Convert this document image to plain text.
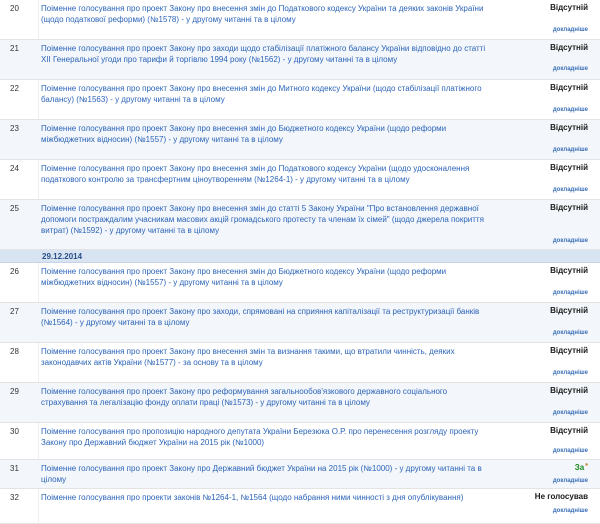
20	Поіменне голосування про проект Закону про внесення змін до Податкового кодексу України та деяких законів України (щодо податкової реформи) (№1578) - у другому читанні та в цілому
Відсутній
докладніше
21	Поіменне голосування про проект Закону про заходи щодо стабілізації платіжного балансу України відповідно до статті XII Генеральної угоди про тарифи й торгівлю 1994 року (№1562) - у другому читанні та в цілому
Відсутній
докладніше
22	Поіменне голосування про проект Закону про внесення змін до Митного кодексу України (щодо стабілізації платіжного балансу) (№1563) - у другому читанні та в цілому
Відсутній
докладніше
23	Поіменне голосування про проект Закону про внесення змін до Бюджетного кодексу України (щодо реформи міжбюджетних відносин) (№1557) - у другому читанні та в цілому
Відсутній
докладніше
24	Поіменне голосування про проект Закону про внесення змін до Податкового кодексу України (щодо удосконалення податкового контролю за трансфертним ціноутворенням (№1264-1) - у другому читанні та в цілому
Відсутній
докладніше
25	Поіменне голосування про проект Закону про внесення змін до статті 5 Закону України "Про встановлення державної допомоги постраждалим учасникам масових акцій громадського протесту та членам їх сімей" (щодо джерела покриття витрат) (№1592) - у другому читанні та в цілому
Відсутній
докладніше
29.12.2014
26	Поіменне голосування про проект Закону про внесення змін до Бюджетного кодексу України (щодо реформи міжбюджетних відносин) (№1557) - у другому читанні та в цілому
Відсутній
докладніше
27	Поіменне голосування про проект Закону про заходи, спрямовані на сприяння капіталізації та реструктуризації банків (№1564) - у другому читанні та в цілому
Відсутній
докладніше
28	Поіменне голосування про проект Закону про внесення змін та визнання такими, що втратили чинність, деяких законодавчих актів України (№1577) - за основу та в цілому
Відсутній
докладніше
29	Поіменне голосування про проект Закону про реформування загальнообов'язкового державного соціального страхування та легалізацію фонду оплати праці (№1573) - у другому читанні та в цілому
Відсутній
докладніше
30	Поіменне голосування про пропозицію народного депутата України Березюка О.Р. про перенесення розгляду проекту Закону про Державний бюджет України на 2015 рік (№1000)
Відсутній
докладніше
31	Поіменне голосування про проект Закону про Державний бюджет України на 2015 рік (№1000) - у другому читанні та в цілому
За*
докладніше
32	Поіменне голосування про проекти законів №1264-1, №1564 (щодо набрання ними чинності з дня опублікування)	Не голосував
докладніше
